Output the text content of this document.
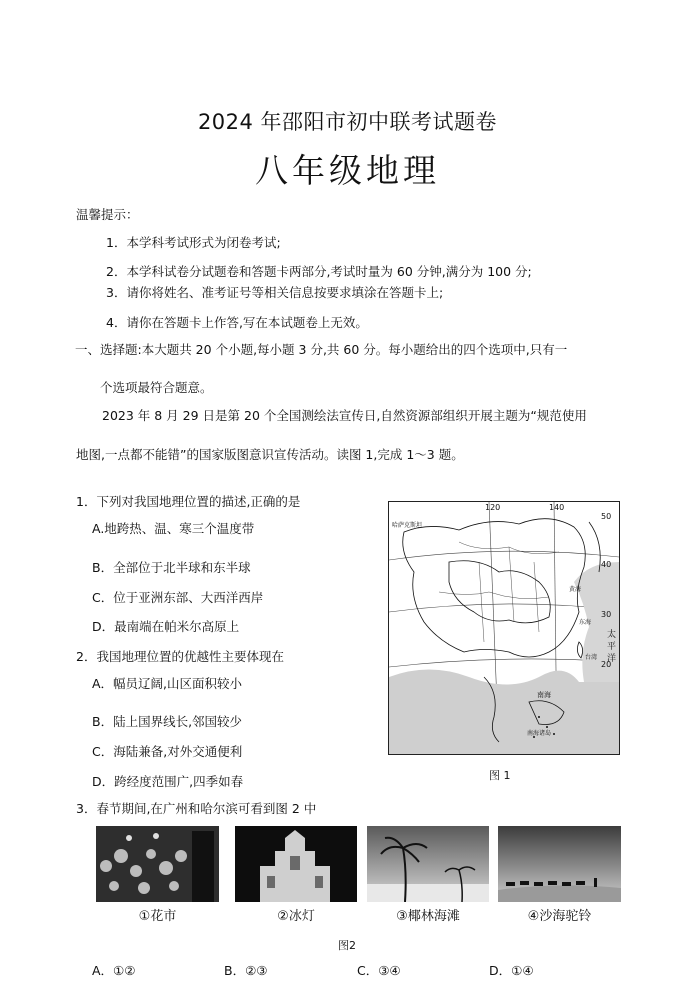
2024 年邵阳市初中联考试题卷
八年级地理
温馨提示：
1．本学科考试形式为闭卷考试;
2．本学科试卷分试题卷和答题卡两部分,考试时量为 60 分钟,满分为 100 分;
3．请你将姓名、准考证号等相关信息按要求填涂在答题卡上;
4．请你在答题卡上作答,写在本试题卷上无效。
一、选择题:本大题共 20 个小题,每小题 3 分,共 60 分。每小题给出的四个选项中,只有一
个选项最符合题意。
2023 年 8 月 29 日是第 20 个全国测绘法宣传日,自然资源部组织开展主题为“规范使用
地图,一点都不能错”的国家版图意识宣传活动。读图 1,完成 1～3 题。
1．下列对我国地理位置的描述,正确的是
A.地跨热、温、寒三个温度带
B．全部位于北半球和东半球
C．位于亚洲东部、大西洋西岸
D．最南端在帕米尔高原上
2．我国地理位置的优越性主要体现在
A．幅员辽阔,山区面积较小
B．陆上国界线长,邻国较少
C．海陆兼备,对外交通便利
D．跨经度范围广,四季如春
3．春节期间,在广州和哈尔滨可看到图 2 中
120	140
50
40
30
20
太
平
洋
哈萨克斯坦
南海
南海诸岛
台湾
东海
黄海
图 1
①花市	②冰灯	③椰林海滩	④沙海驼铃
图2
A．①②	B．②③	C．③④	D．①④
